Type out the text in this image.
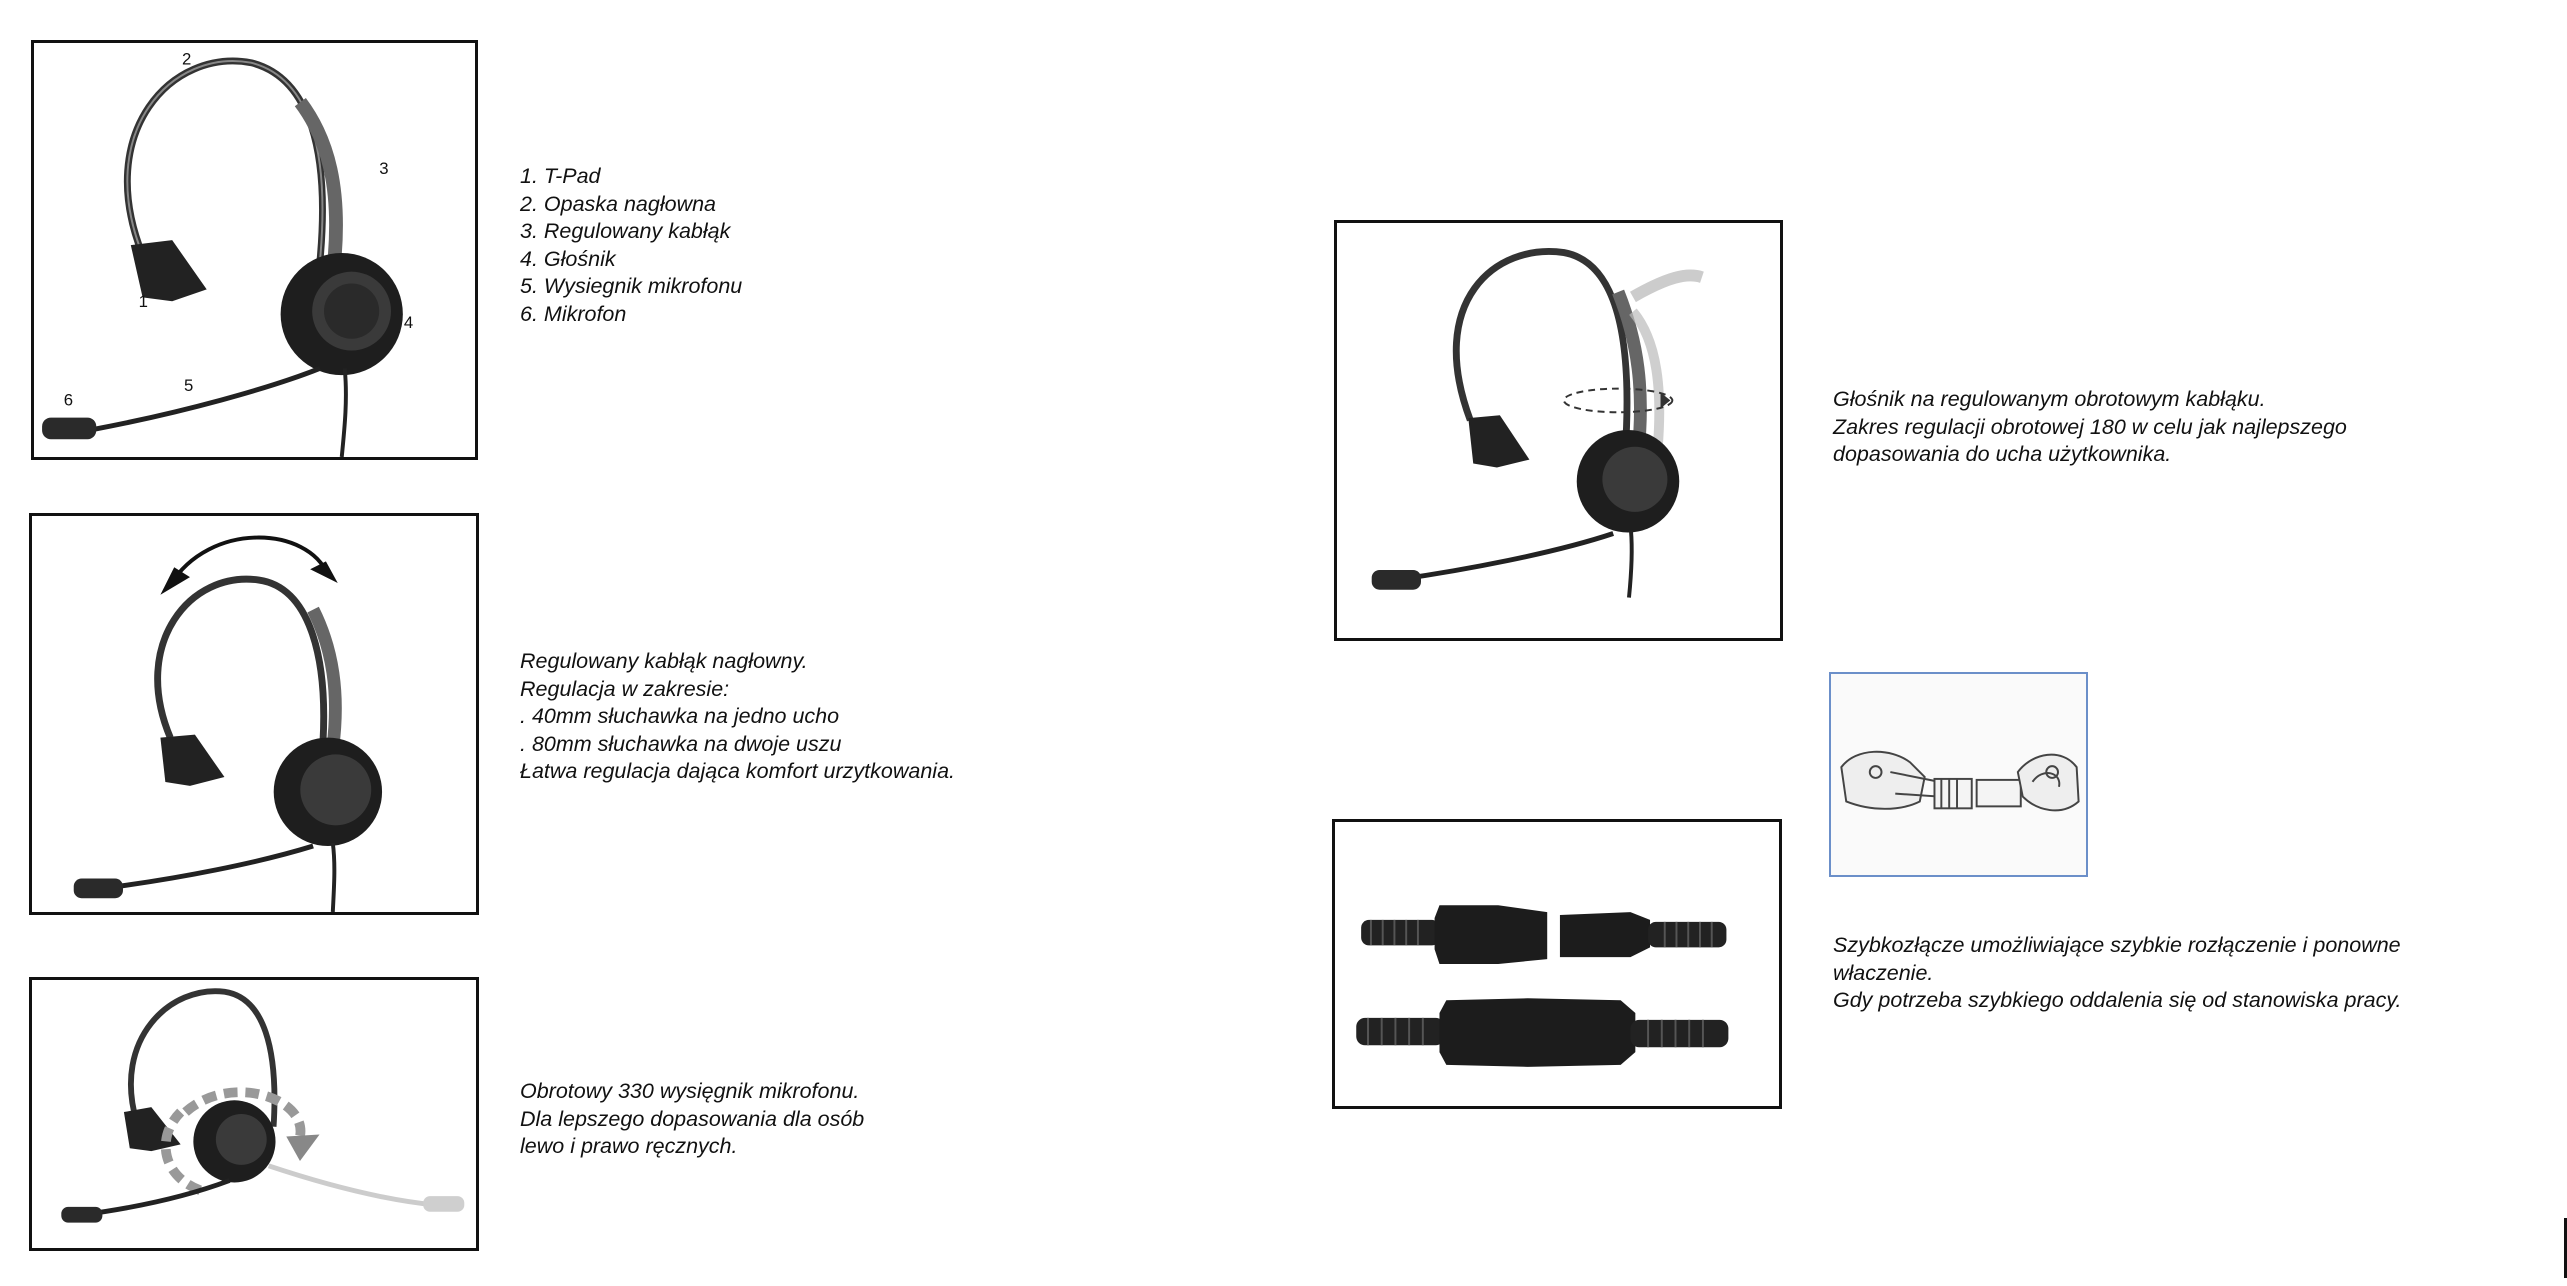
2
3
1
4
5
6
1. T-Pad
2. Opaska nagłowna
3. Regulowany kabłąk
4. Głośnik
5. Wysiegnik mikrofonu
6. Mikrofon
Regulowany kabłąk nagłowny.
Regulacja w zakresie:
. 40mm słuchawka na jedno ucho
. 80mm słuchawka na dwoje uszu
Łatwa regulacja dająca komfort urzytkowania.
Obrotowy 330 wysięgnik mikrofonu.
Dla lepszego dopasowania dla osób
lewo i prawo ręcznych.
Głośnik na regulowanym obrotowym kabłąku.
Zakres regulacji obrotowej 180 w celu jak najlepszego
dopasowania do ucha użytkownika.
Szybkozłącze umożliwiające szybkie rozłączenie i ponowne
właczenie.
Gdy potrzeba szybkiego oddalenia się od stanowiska pracy.
